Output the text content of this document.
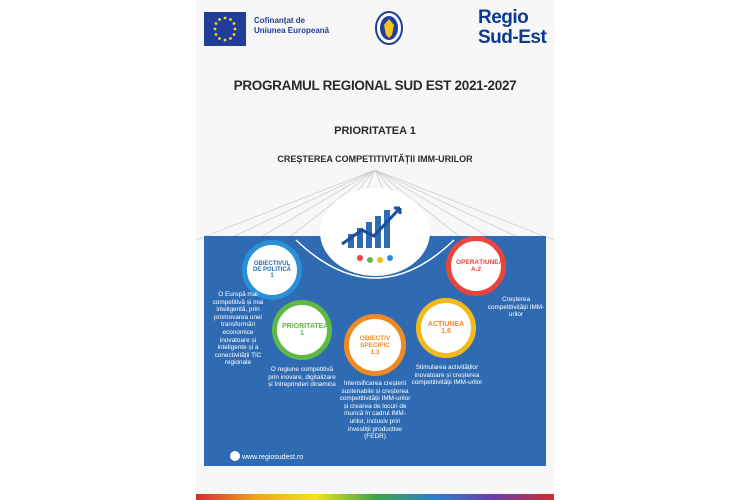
Cofinanțat de
Uniunea Europeană
Regio
Sud-Est
PROGRAMUL REGIONAL SUD EST 2021-2027
PRIORITATEA 1
CREȘTEREA COMPETITIVITĂȚII IMM-URILOR
OBIECTIVUL DE POLITICĂ 1
O Europă mai competitivă și mai inteligentă, prin promovarea unei transformări economice inovatoare și inteligente și a conectivității TIC regionale
PRIORITATEA 1
O regiune competitivă prin inovare, digitalizare și întreprinderi dinamice
OBIECTIV SPECIFIC 1.3
Intensificarea creșterii sustenabile și creșterea competitivității IMM-urilor și crearea de locuri de muncă în cadrul IMM-urilor, inclusiv prin investiții productive (FEDR)
ACȚIUNEA 1.6
Stimularea activităților inovatoare și creșterea competitivității IMM-urilor
OPERAȚIUNEA A.2
Creșterea competitivității IMM-urilor
www.regiosudest.ro
